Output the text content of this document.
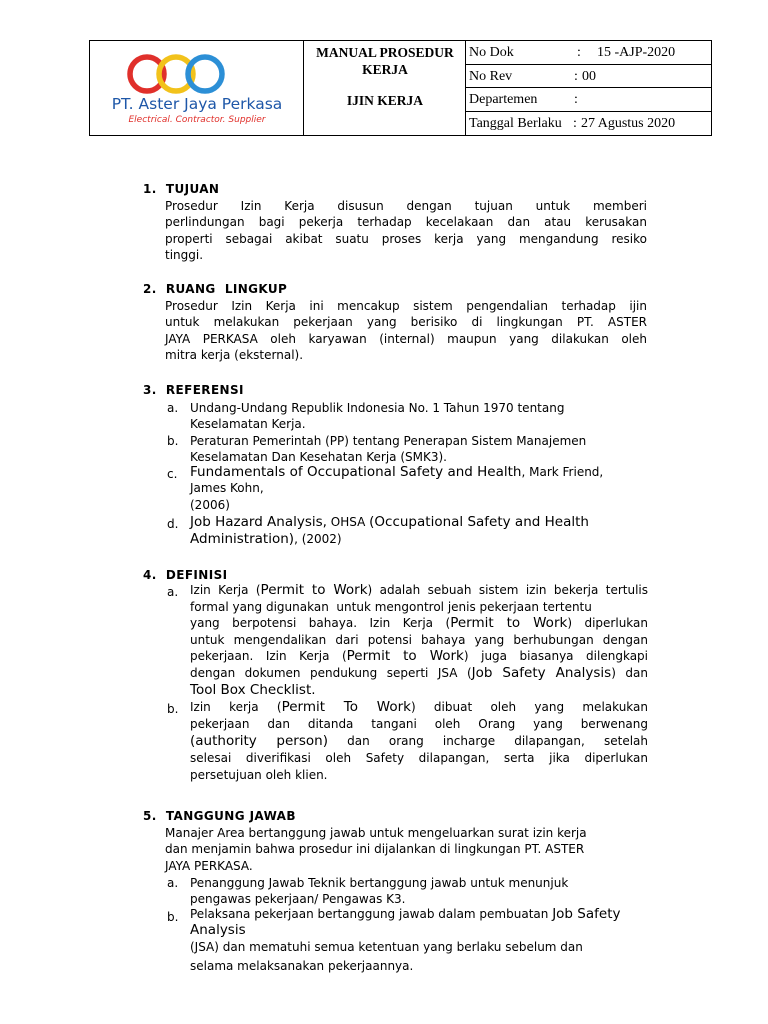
PT. Aster Jaya Perkasa
Electrical. Contractor. Supplier
MANUAL PROSEDUR
KERJA
IJIN KERJA
No Dok	: 15 -AJP-2020
No Rev	: 00
Departemen	:
Tanggal Berlaku : 27 Agustus 2020
1. TUJUAN
Prosedur Izin Kerja disusun dengan tujuan untuk memberi
perlindungan bagi pekerja terhadap kecelakaan dan atau kerusakan
properti sebagai akibat suatu proses kerja yang mengandung resiko
tinggi.
2. RUANG  LINGKUP
Prosedur Izin Kerja ini mencakup sistem pengendalian terhadap ijin
untuk melakukan pekerjaan yang berisiko di lingkungan PT. ASTER
JAYA PERKASA oleh karyawan (internal) maupun yang dilakukan oleh
mitra kerja (eksternal).
3. REFERENSI
a. Undang-Undang Republik Indonesia No. 1 Tahun 1970 tentang
Keselamatan Kerja.
b. Peraturan Pemerintah (PP) tentang Penerapan Sistem Manajemen
Keselamatan Dan Kesehatan Kerja (SMK3).
c. Fundamentals of Occupational Safety and Health, Mark Friend,
James Kohn,
(2006)
d. Job Hazard Analysis, OHSA (Occupational Safety and Health
Administration), (2002)
4. DEFINISI
a. Izin Kerja (Permit to Work) adalah sebuah sistem izin bekerja tertulis
formal yang digunakan  untuk mengontrol jenis pekerjaan tertentu
yang berpotensi bahaya. Izin Kerja (Permit to Work) diperlukan
untuk mengendalikan dari potensi bahaya yang berhubungan dengan
pekerjaan. Izin Kerja (Permit to Work) juga biasanya dilengkapi
dengan dokumen pendukung seperti JSA (Job Safety Analysis) dan
Tool Box Checklist.
b. Izin kerja (Permit To Work) dibuat oleh yang melakukan
pekerjaan dan ditanda tangani oleh Orang yang berwenang
(authority person) dan orang incharge dilapangan, setelah
selesai diverifikasi oleh Safety dilapangan, serta jika diperlukan
persetujuan oleh klien.
5. TANGGUNG JAWAB
Manajer Area bertanggung jawab untuk mengeluarkan surat izin kerja
dan menjamin bahwa prosedur ini dijalankan di lingkungan PT. ASTER
JAYA PERKASA.
a. Penanggung Jawab Teknik bertanggung jawab untuk menunjuk
pengawas pekerjaan/ Pengawas K3.
b. Pelaksana pekerjaan bertanggung jawab dalam pembuatan Job Safety
Analysis
(JSA) dan mematuhi semua ketentuan yang berlaku sebelum dan
selama melaksanakan pekerjaannya.
